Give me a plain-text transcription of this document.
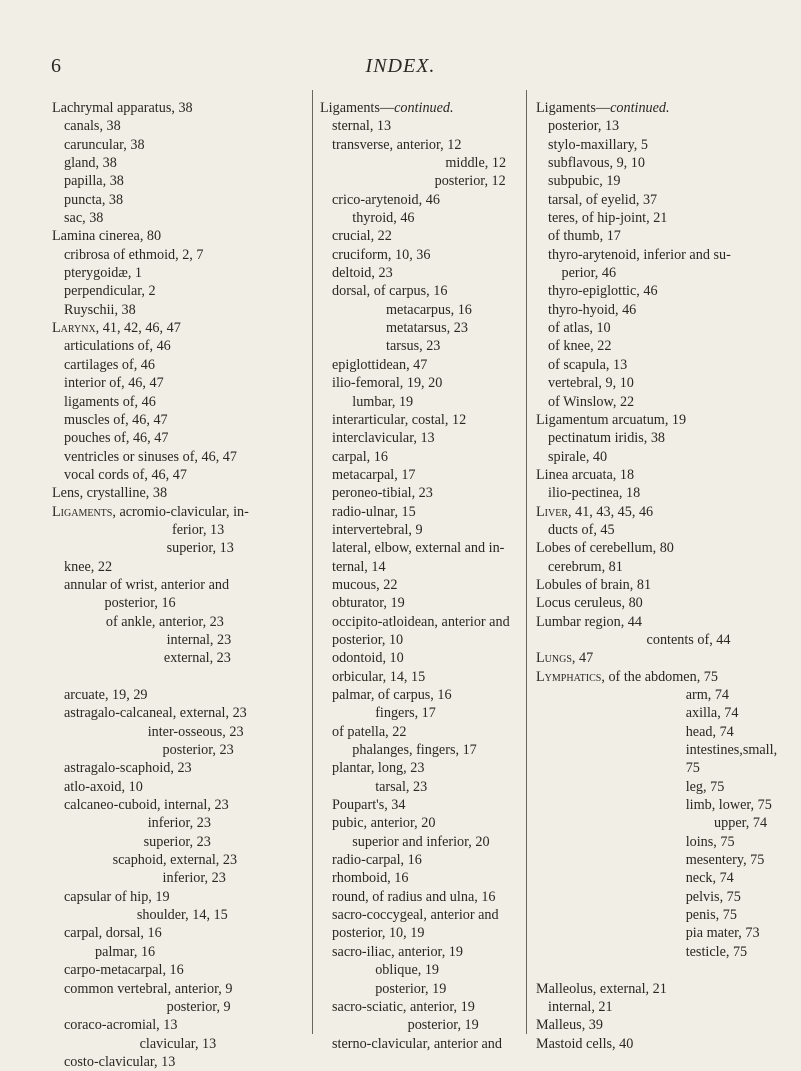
6	INDEX.
Lachrymal apparatus, 38
canals, 38
caruncular, 38
gland, 38
papilla, 38
puncta, 38
sac, 38
Lamina cinerea, 80
cribrosa of ethmoid, 2, 7
pterygoidæ, 1
perpendicular, 2
Ruyschii, 38
Larynx, 41, 42, 46, 47
articulations of, 46
cartilages of, 46
interior of, 46, 47
ligaments of, 46
muscles of, 46, 47
pouches of, 46, 47
ventricles or sinuses of, 46, 47
vocal cords of, 46, 47
Lens, crystalline, 38
Ligaments, acromio-clavicular, in-
ferior, 13
superior, 13
knee, 22
annular of wrist, anterior and
posterior, 16
of ankle, anterior, 23
internal, 23
external, 23
arcuate, 19, 29
astragalo-calcaneal, external, 23
inter-osseous, 23
posterior, 23
astragalo-scaphoid, 23
atlo-axoid, 10
calcaneo-cuboid, internal, 23
inferior, 23
superior, 23
scaphoid, external, 23
inferior, 23
capsular of hip, 19
shoulder, 14, 15
carpal, dorsal, 16
palmar, 16
carpo-metacarpal, 16
common vertebral, anterior, 9
posterior, 9
coraco-acromial, 13
clavicular, 13
costo-clavicular, 13
Ligaments—continued.
sternal, 13
transverse, anterior, 12
middle, 12
posterior, 12
crico-arytenoid, 46
thyroid, 46
crucial, 22
cruciform, 10, 36
deltoid, 23
dorsal, of carpus, 16
metacarpus, 16
metatarsus, 23
tarsus, 23
epiglottidean, 47
ilio-femoral, 19, 20
lumbar, 19
interarticular, costal, 12
interclavicular, 13
carpal, 16
metacarpal, 17
peroneo-tibial, 23
radio-ulnar, 15
intervertebral, 9
lateral, elbow, external and in-
ternal, 14
mucous, 22
obturator, 19
occipito-atloidean, anterior and
posterior, 10
odontoid, 10
orbicular, 14, 15
palmar, of carpus, 16
fingers, 17
of patella, 22
phalanges, fingers, 17
plantar, long, 23
tarsal, 23
Poupart's, 34
pubic, anterior, 20
superior and inferior, 20
radio-carpal, 16
rhomboid, 16
round, of radius and ulna, 16
sacro-coccygeal, anterior and
posterior, 10, 19
sacro-iliac, anterior, 19
oblique, 19
posterior, 19
sacro-sciatic, anterior, 19
posterior, 19
sterno-clavicular, anterior and
Ligaments—continued.
posterior, 13
stylo-maxillary, 5
subflavous, 9, 10
subpubic, 19
tarsal, of eyelid, 37
teres, of hip-joint, 21
of thumb, 17
thyro-arytenoid, inferior and su-
perior, 46
thyro-epiglottic, 46
thyro-hyoid, 46
of atlas, 10
of knee, 22
of scapula, 13
vertebral, 9, 10
of Winslow, 22
Ligamentum arcuatum, 19
pectinatum iridis, 38
spirale, 40
Linea arcuata, 18
ilio-pectinea, 18
Liver, 41, 43, 45, 46
ducts of, 45
Lobes of cerebellum, 80
cerebrum, 81
Lobules of brain, 81
Locus ceruleus, 80
Lumbar region, 44
contents of, 44
Lungs, 47
Lymphatics, of the abdomen, 75
arm, 74
axilla, 74
head, 74
intestines,small,
75
leg, 75
limb, lower, 75
upper, 74
loins, 75
mesentery, 75
neck, 74
pelvis, 75
penis, 75
pia mater, 73
testicle, 75
Malleolus, external, 21
internal, 21
Malleus, 39
Mastoid cells, 40
